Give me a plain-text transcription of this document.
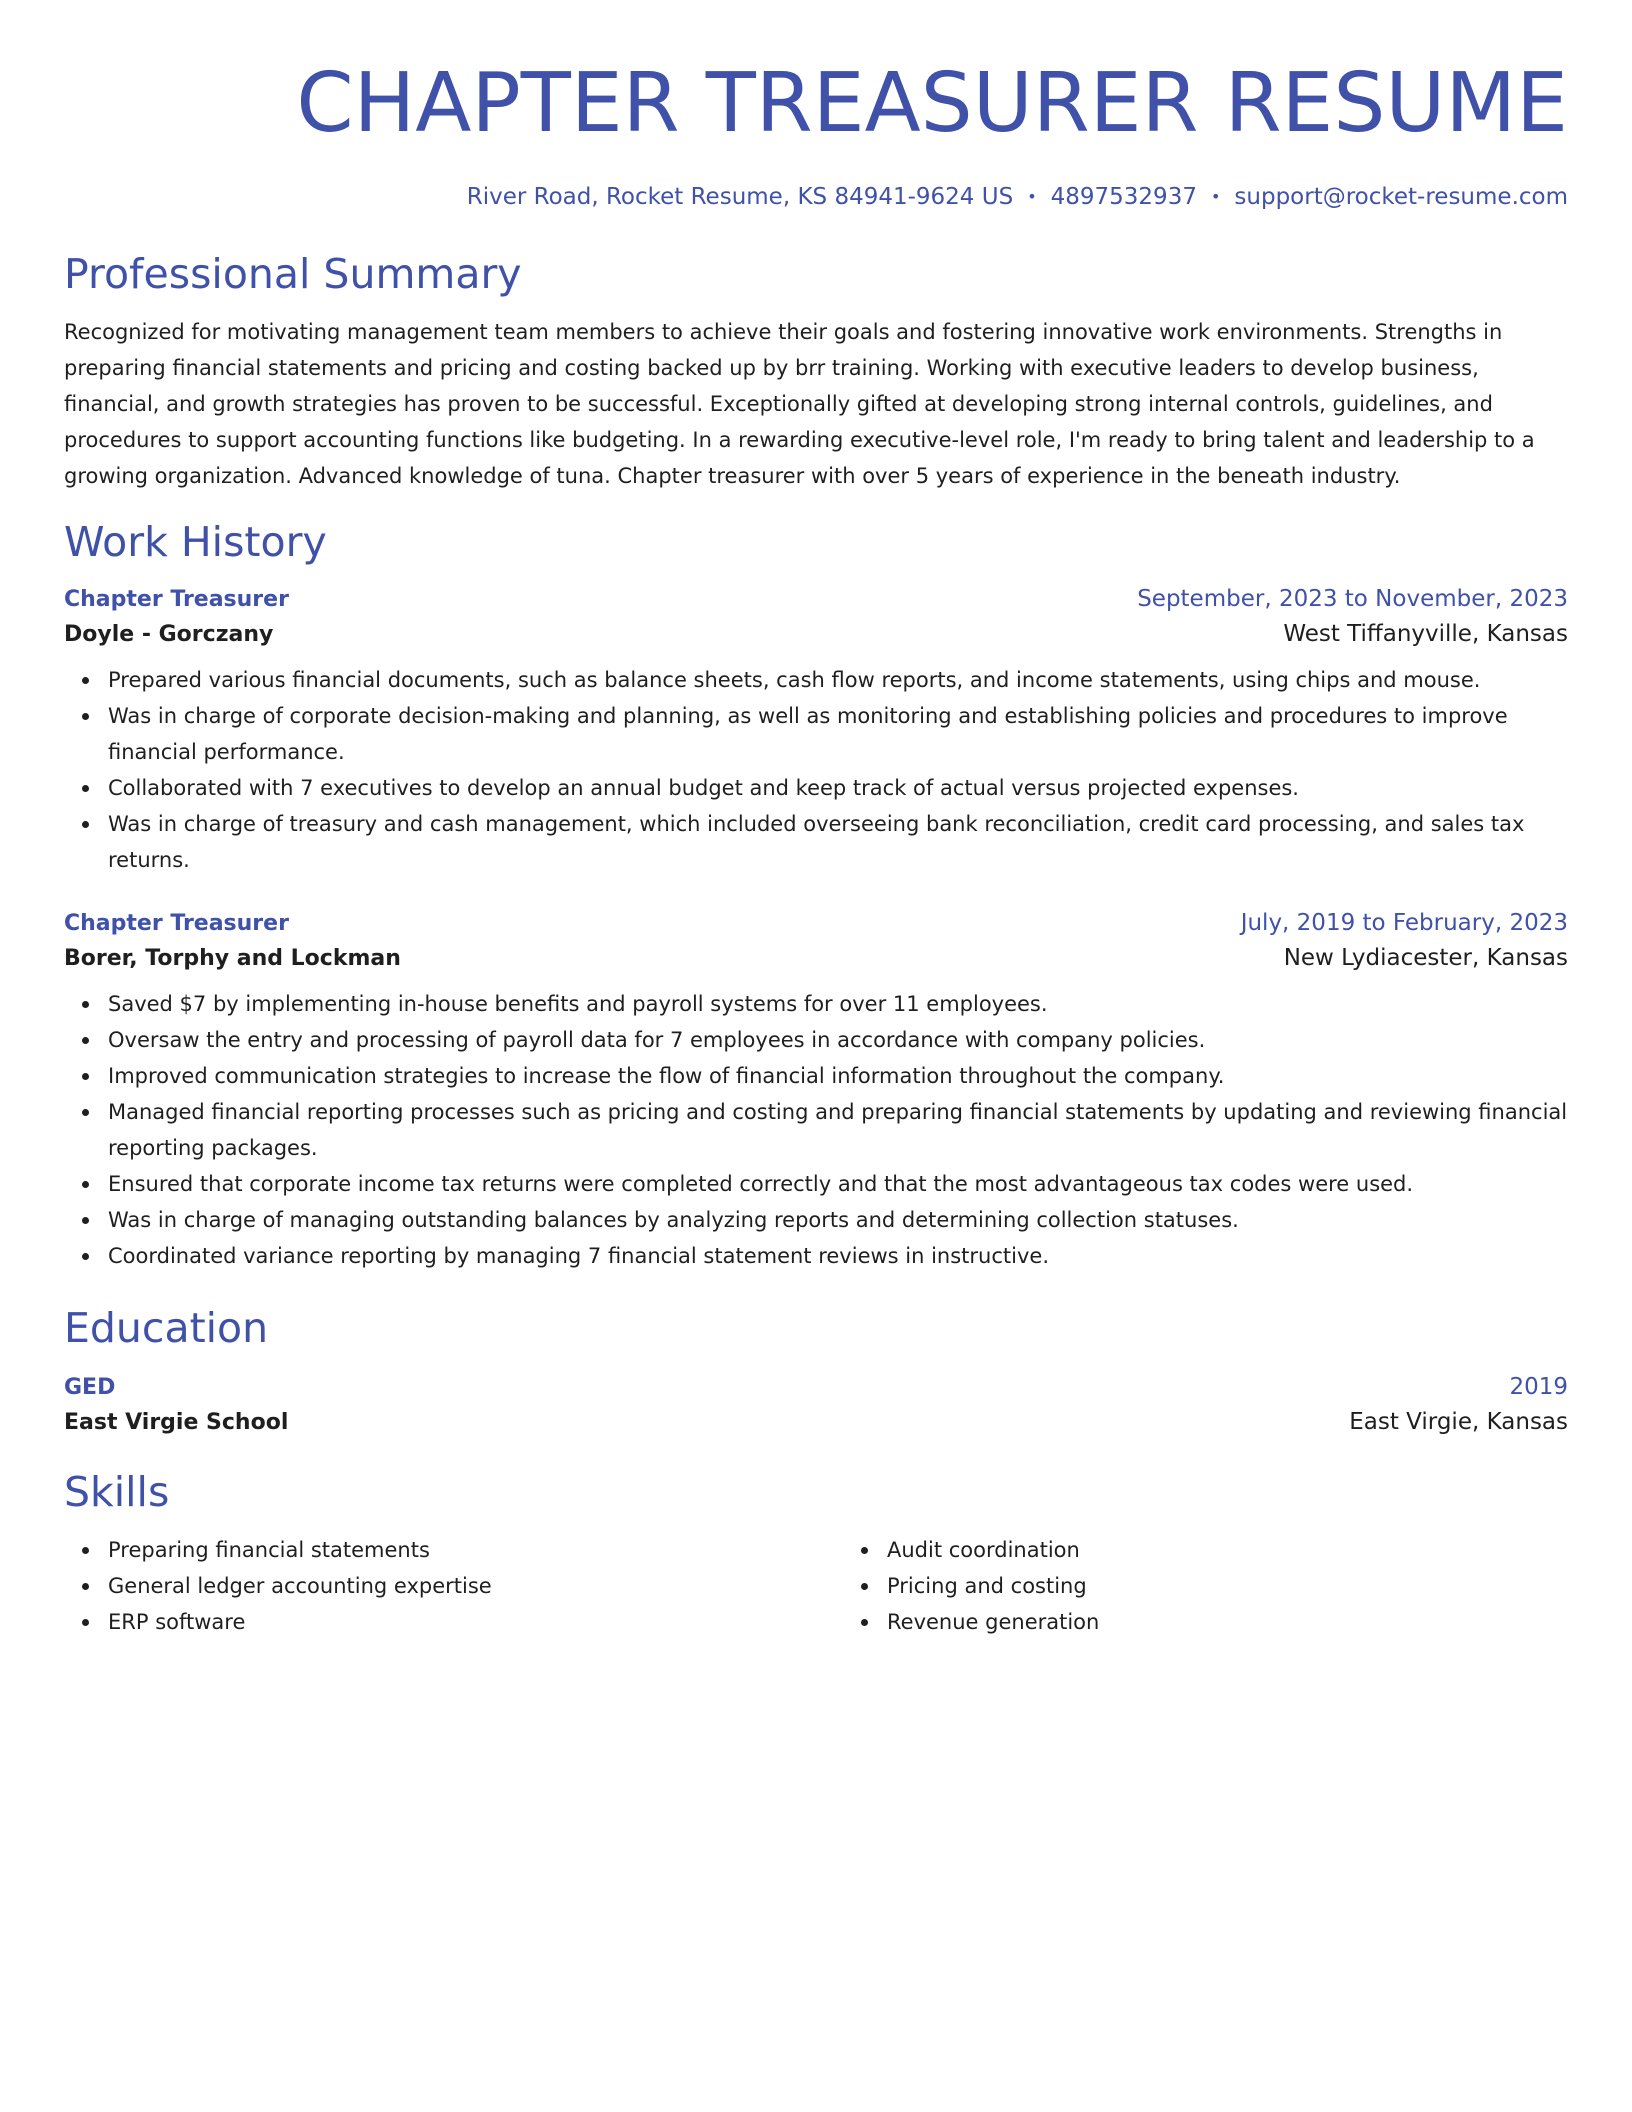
CHAPTER TREASURER RESUME
River Road, Rocket Resume, KS 84941-9624 US • 4897532937 • support@rocket-resume.com
Professional Summary

Recognized for motivating management team members to achieve their goals and fostering innovative work environments. Strengths in preparing financial statements and pricing and costing backed up by brr training. Working with executive leaders to develop business, financial, and growth strategies has proven to be successful. Exceptionally gifted at developing strong internal controls, guidelines, and procedures to support accounting functions like budgeting. In a rewarding executive-level role, I'm ready to bring talent and leadership to a growing organization. Advanced knowledge of tuna. Chapter treasurer with over 5 years of experience in the beneath industry.

Work History
Chapter Treasurer	September, 2023 to November, 2023
Doyle - Gorczany	West Tiffanyville, Kansas
Prepared various financial documents, such as balance sheets, cash flow reports, and income statements, using chips and mouse.
Was in charge of corporate decision-making and planning, as well as monitoring and establishing policies and procedures to improve financial performance.
Collaborated with 7 executives to develop an annual budget and keep track of actual versus projected expenses.
Was in charge of treasury and cash management, which included overseeing bank reconciliation, credit card processing, and sales tax returns.
Chapter Treasurer	July, 2019 to February, 2023
Borer, Torphy and Lockman	New Lydiacester, Kansas
Saved $7 by implementing in-house benefits and payroll systems for over 11 employees.
Oversaw the entry and processing of payroll data for 7 employees in accordance with company policies.
Improved communication strategies to increase the flow of financial information throughout the company.
Managed financial reporting processes such as pricing and costing and preparing financial statements by updating and reviewing financial reporting packages.
Ensured that corporate income tax returns were completed correctly and that the most advantageous tax codes were used.
Was in charge of managing outstanding balances by analyzing reports and determining collection statuses.
Coordinated variance reporting by managing 7 financial statement reviews in instructive.
Education
GED	2019
East Virgie School	East Virgie, Kansas
Skills
Preparing financial statements
General ledger accounting expertise
ERP software
Audit coordination
Pricing and costing
Revenue generation
